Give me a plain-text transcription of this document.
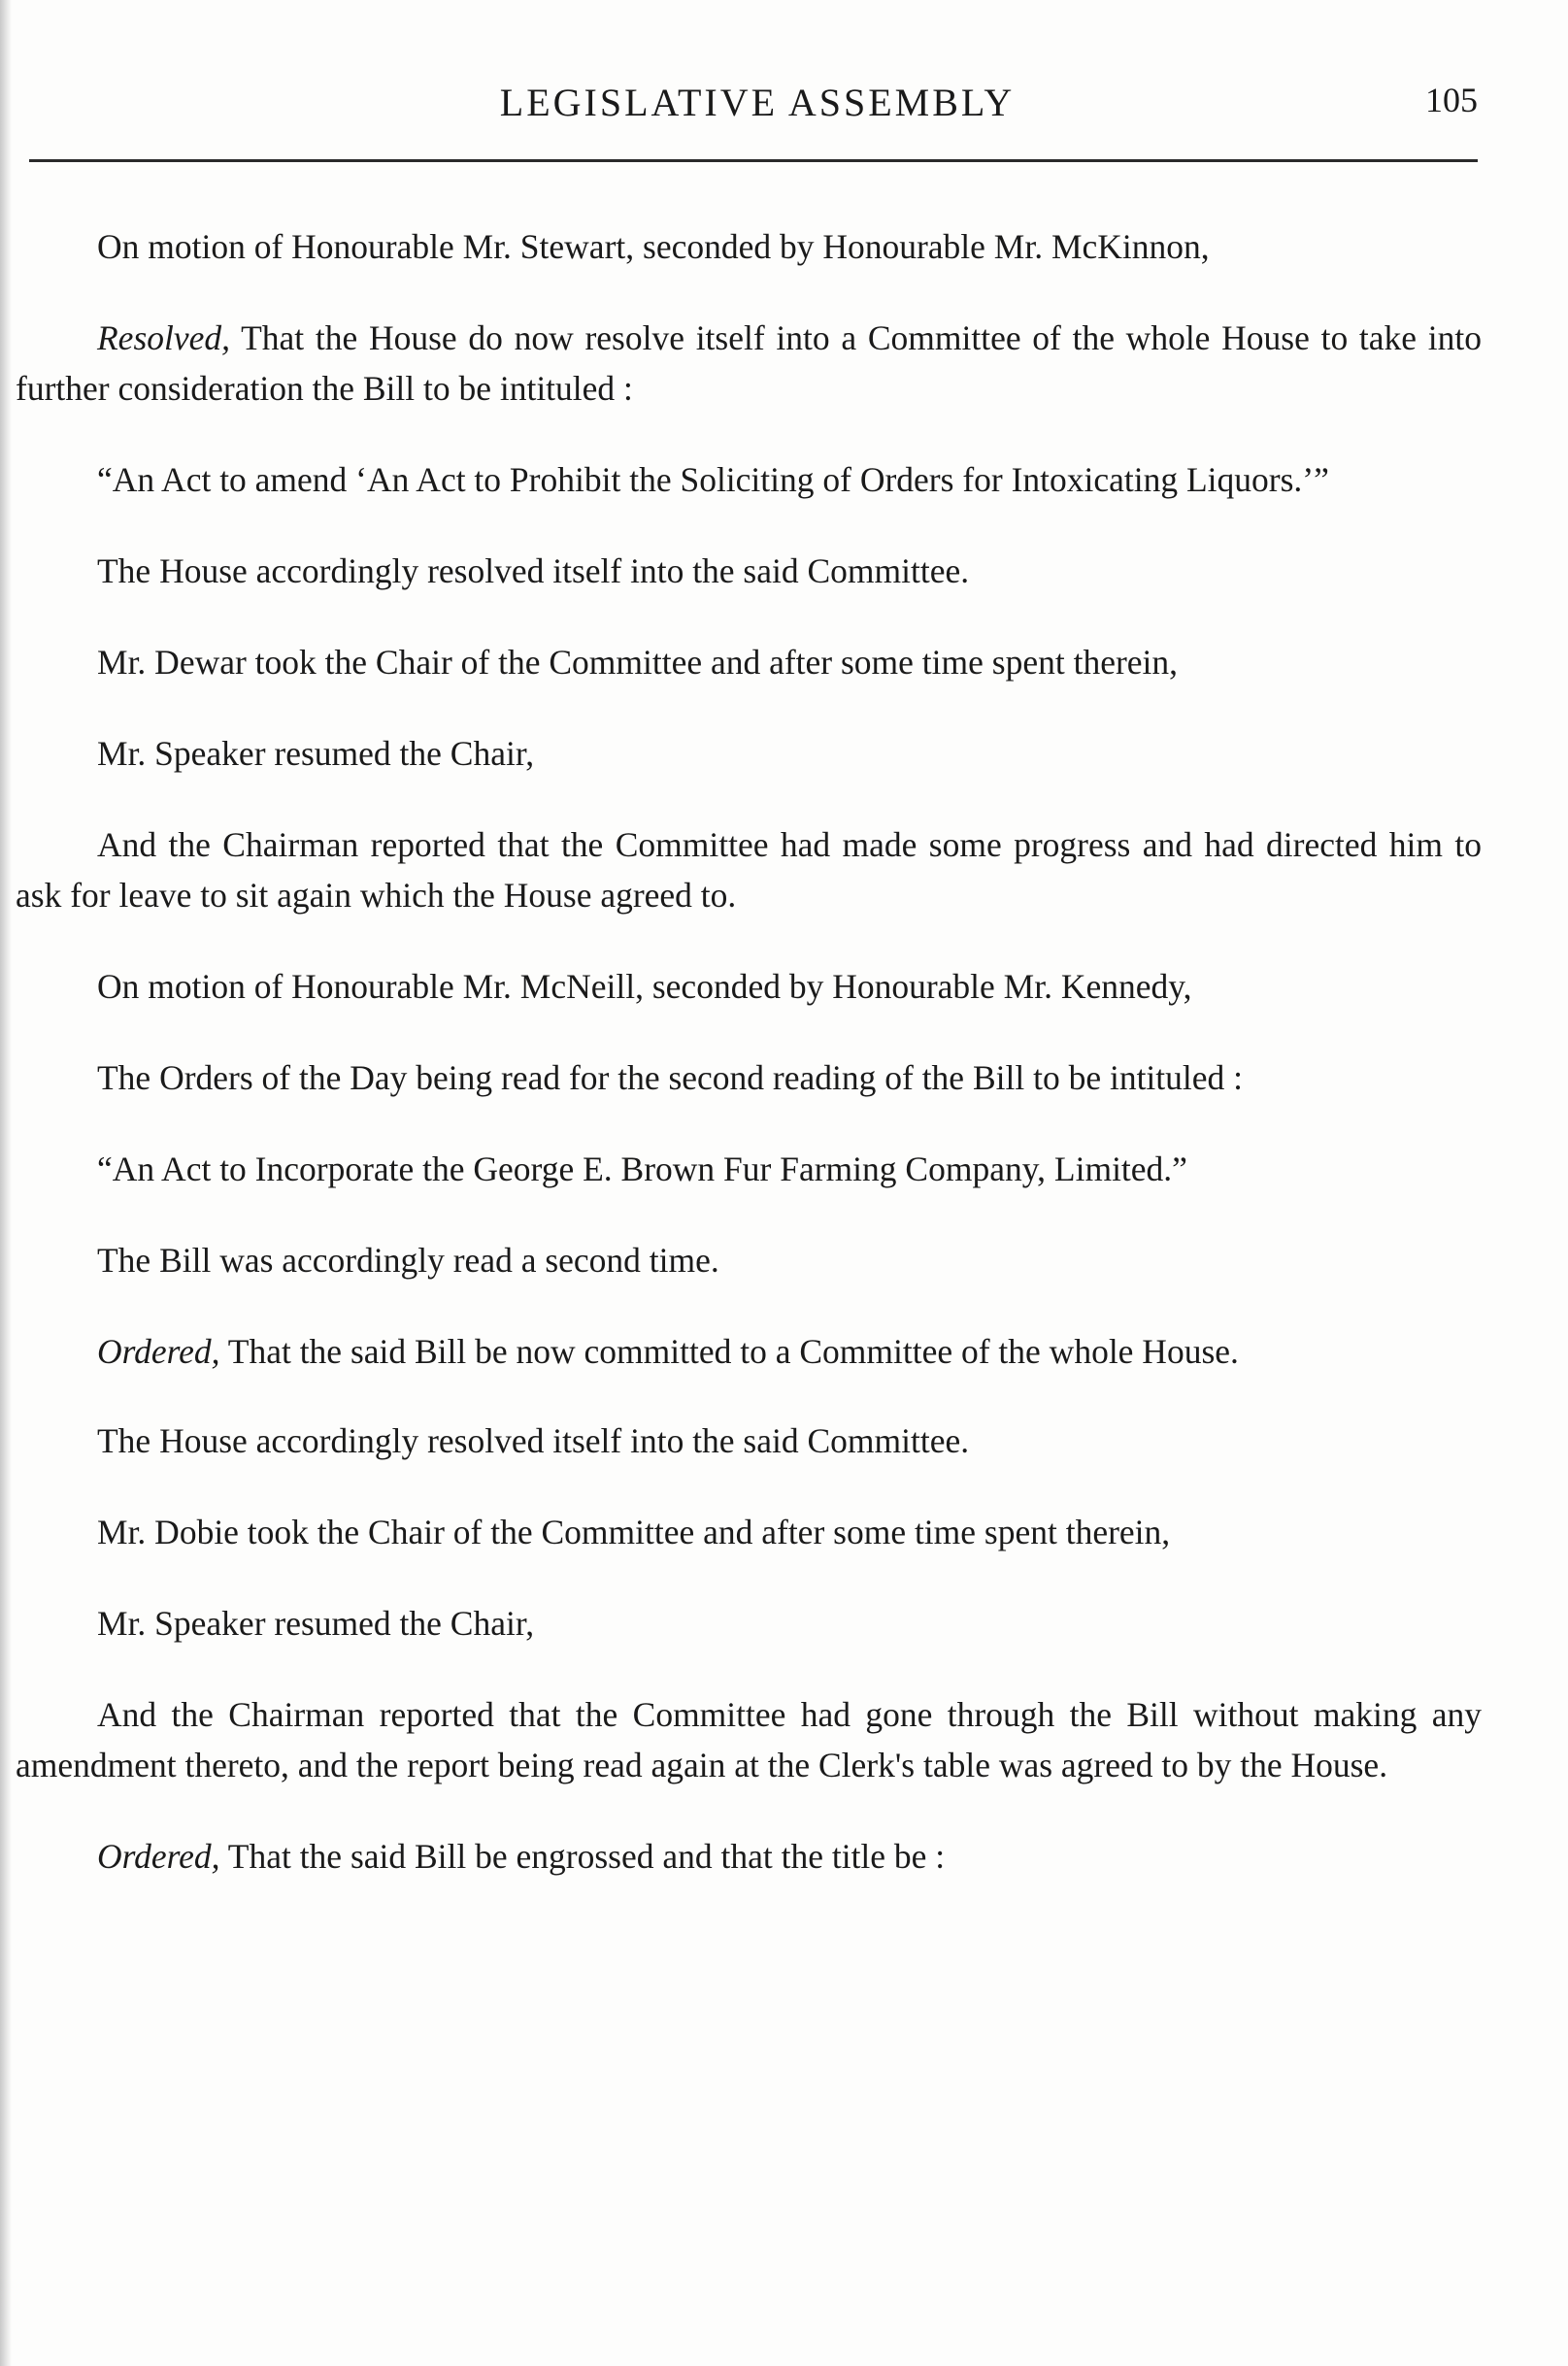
LEGISLATIVE ASSEMBLY	105

On motion of Honourable Mr. Stewart, seconded by Honourable Mr. McKinnon,

Resolved, That the House do now resolve itself into a Committee of the whole House to take into further consideration the Bill to be intituled :

“An Act to amend ‘An Act to Prohibit the Soliciting of Orders for Intoxicating Liquors.’”

The House accordingly resolved itself into the said Committee.

Mr. Dewar took the Chair of the Committee and after some time spent therein,

Mr. Speaker resumed the Chair,

And the Chairman reported that the Committee had made some progress and had directed him to ask for leave to sit again which the House agreed to.

On motion of Honourable Mr. McNeill, seconded by Honourable Mr. Kennedy,

The Orders of the Day being read for the second reading of the Bill to be intituled :

“An Act to Incorporate the George E. Brown Fur Farming Company, Limited.”

The Bill was accordingly read a second time.

Ordered, That the said Bill be now committed to a Committee of the whole House.

The House accordingly resolved itself into the said Committee.

Mr. Dobie took the Chair of the Committee and after some time spent therein,

Mr. Speaker resumed the Chair,

And the Chairman reported that the Committee had gone through the Bill without making any amendment thereto, and the report being read again at the Clerk's table was agreed to by the House.

Ordered, That the said Bill be engrossed and that the title be :
